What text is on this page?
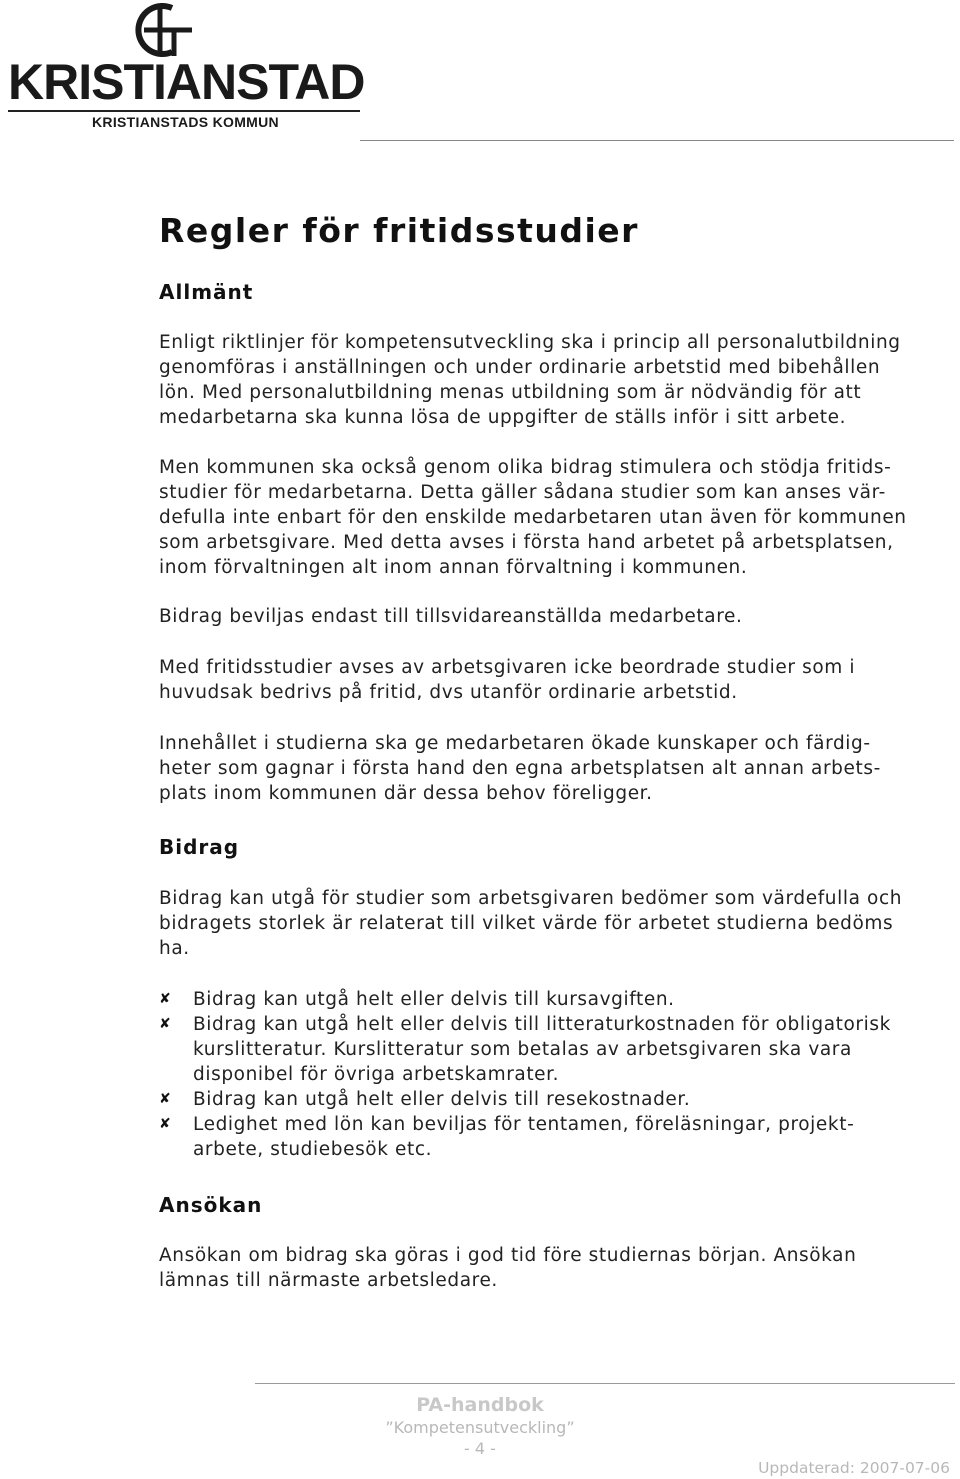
KRISTIANSTAD
KRISTIANSTADS KOMMUN
Regler för fritidsstudier
Allmänt

Enligt riktlinjer för kompetensutveckling ska i princip all personalutbildning
genomföras i anställningen och under ordinarie arbetstid med bibehållen
lön. Med personalutbildning menas utbildning som är nödvändig för att
medarbetarna ska kunna lösa de uppgifter de ställs inför i sitt arbete.

Men kommunen ska också genom olika bidrag stimulera och stödja fritids-
studier för medarbetarna. Detta gäller sådana studier som kan anses vär-
defulla inte enbart för den enskilde medarbetaren utan även för kommunen
som arbetsgivare. Med detta avses i första hand arbetet på arbetsplatsen,
inom förvaltningen alt inom annan förvaltning i kommunen.

Bidrag beviljas endast till tillsvidareanställda medarbetare.

Med fritidsstudier avses av arbetsgivaren icke beordrade studier som i
huvudsak bedrivs på fritid, dvs utanför ordinarie arbetstid.

Innehållet i studierna ska ge medarbetaren ökade kunskaper och färdig-
heter som gagnar i första hand den egna arbetsplatsen alt annan arbets-
plats inom kommunen där dessa behov föreligger.

Bidrag

Bidrag kan utgå för studier som arbetsgivaren bedömer som värdefulla och
bidragets storlek är relaterat till vilket värde för arbetet studierna bedöms
ha.

✘ Bidrag kan utgå helt eller delvis till kursavgiften.
✘ Bidrag kan utgå helt eller delvis till litteraturkostnaden för obligatorisk
kurslitteratur. Kurslitteratur som betalas av arbetsgivaren ska vara
disponibel för övriga arbetskamrater.
✘ Bidrag kan utgå helt eller delvis till resekostnader.
✘ Ledighet med lön kan beviljas för tentamen, föreläsningar, projekt-
arbete, studiebesök etc.
Ansökan

Ansökan om bidrag ska göras i god tid före studiernas början. Ansökan
lämnas till närmaste arbetsledare.

PA-handbok
”Kompetensutveckling”
- 4 -
Uppdaterad: 2007-07-06
